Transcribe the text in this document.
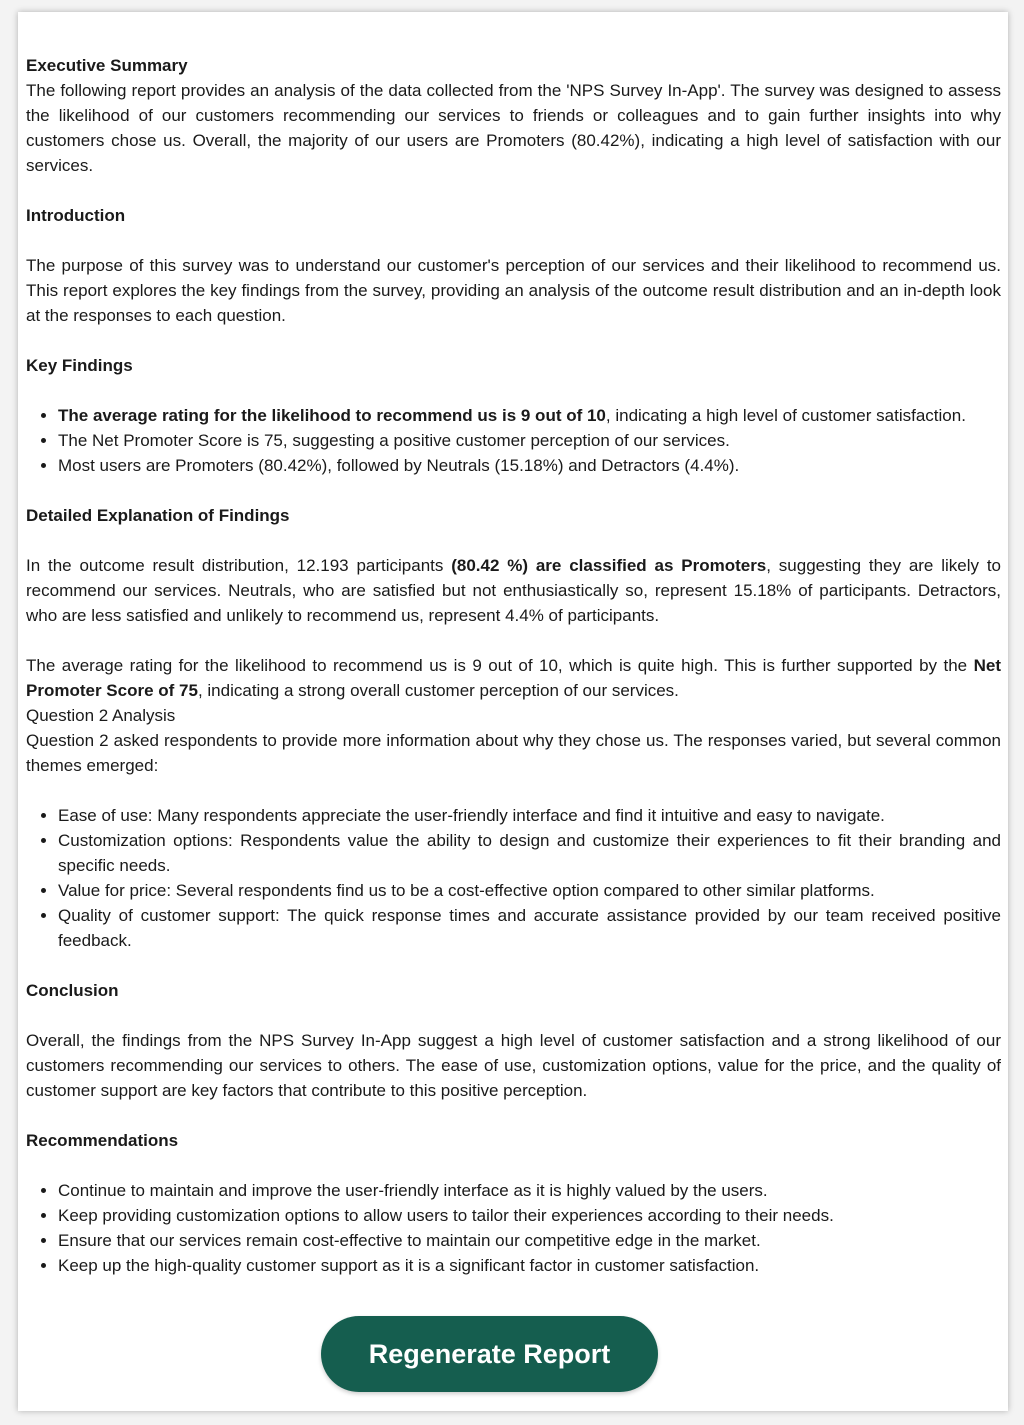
Executive Summary

The following report provides an analysis of the data collected from the 'NPS Survey In-App'. The survey was designed to assess the likelihood of our customers recommending our services to friends or colleagues and to gain further insights into why customers chose us. Overall, the majority of our users are Promoters (80.42%), indicating a high level of satisfaction with our services.

Introduction

The purpose of this survey was to understand our customer's perception of our services and their likelihood to recommend us. This report explores the key findings from the survey, providing an analysis of the outcome result distribution and an in-depth look at the responses to each question.

Key Findings
• The average rating for the likelihood to recommend us is 9 out of 10, indicating a high level of customer satisfaction.
• The Net Promoter Score is 75, suggesting a positive customer perception of our services.
• Most users are Promoters (80.42%), followed by Neutrals (15.18%) and Detractors (4.4%).
Detailed Explanation of Findings

In the outcome result distribution, 12.193 participants (80.42 %) are classified as Promoters, suggesting they are likely to recommend our services. Neutrals, who are satisfied but not enthusiastically so, represent 15.18% of participants. Detractors, who are less satisfied and unlikely to recommend us, represent 4.4% of participants.

The average rating for the likelihood to recommend us is 9 out of 10, which is quite high. This is further supported by the Net Promoter Score of 75, indicating a strong overall customer perception of our services.

Question 2 Analysis

Question 2 asked respondents to provide more information about why they chose us. The responses varied, but several common themes emerged:

• Ease of use: Many respondents appreciate the user-friendly interface and find it intuitive and easy to navigate.
• Customization options: Respondents value the ability to design and customize their experiences to fit their branding and specific needs.
• Value for price: Several respondents find us to be a cost-effective option compared to other similar platforms.
• Quality of customer support: The quick response times and accurate assistance provided by our team received positive feedback.
Conclusion

Overall, the findings from the NPS Survey In-App suggest a high level of customer satisfaction and a strong likelihood of our customers recommending our services to others. The ease of use, customization options, value for the price, and the quality of customer support are key factors that contribute to this positive perception.

Recommendations
• Continue to maintain and improve the user-friendly interface as it is highly valued by the users.
• Keep providing customization options to allow users to tailor their experiences according to their needs.
• Ensure that our services remain cost-effective to maintain our competitive edge in the market.
• Keep up the high-quality customer support as it is a significant factor in customer satisfaction.
Regenerate Report
